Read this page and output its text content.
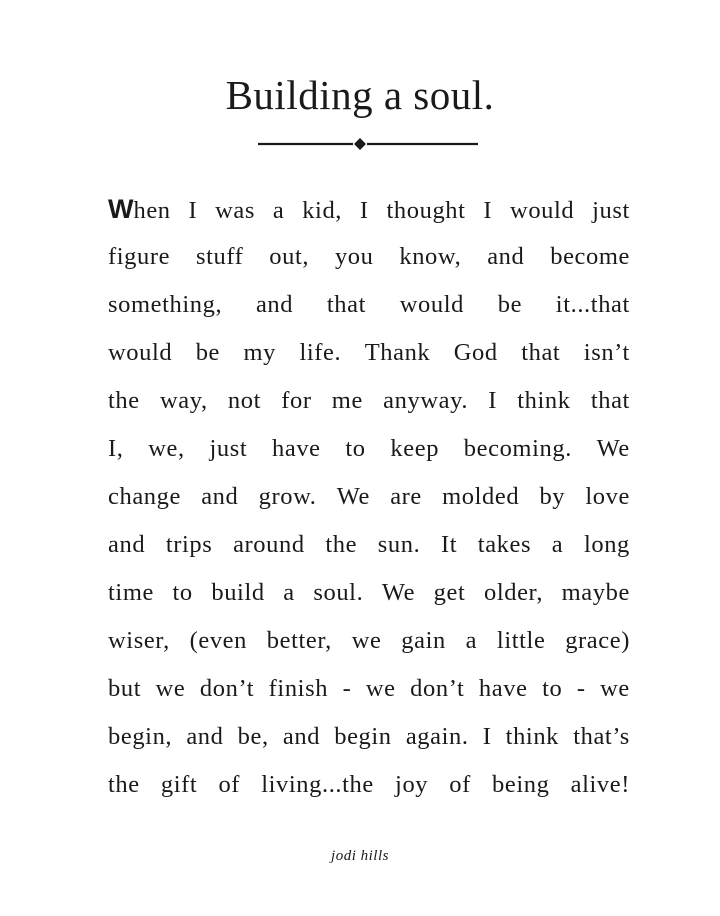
Building a soul.
W hen I was a kid, I thought I would just
figure stuff out, you know, and become
something, and that would be it...that
would be my life. Thank God that isn’t
the way, not for me anyway. I think that
I, we, just have to keep becoming. We
change and grow. We are molded by love
and trips around the sun. It takes a long
time to build a soul. We get older, maybe
wiser, (even better, we gain a little grace)
but we don’t finish - we don’t have to - we
begin, and be, and begin again. I think that’s
the gift of living...the joy of being alive!
jodi hills
